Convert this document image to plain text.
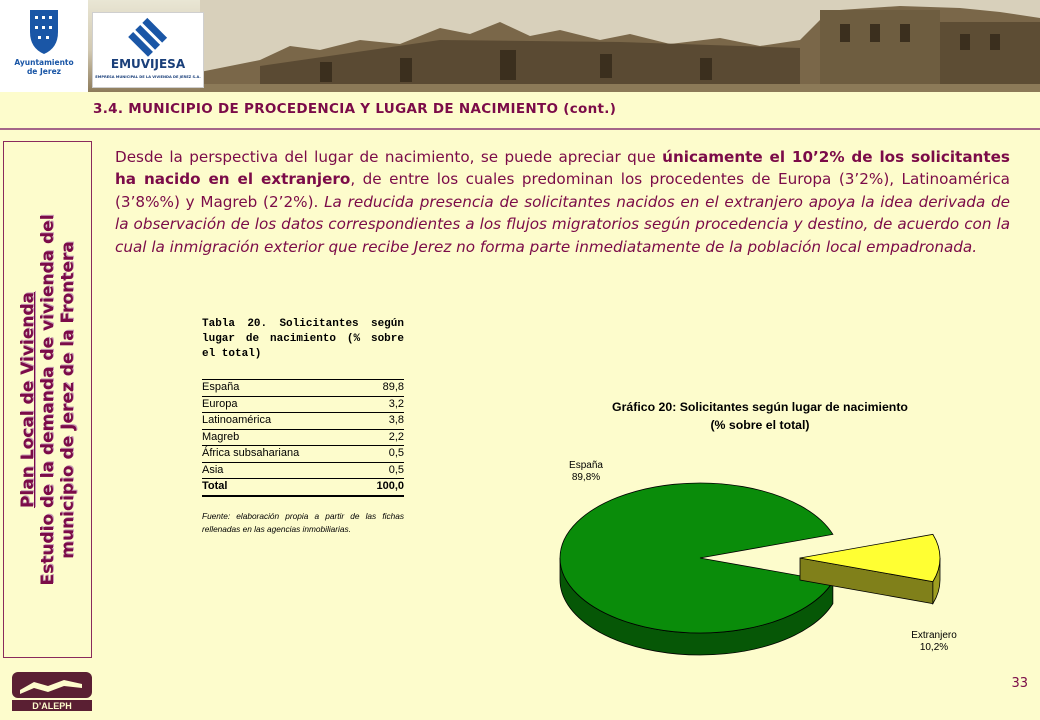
Ayuntamiento
de Jerez
EMUVIJESA
EMPRESA MUNICIPAL DE LA VIVIENDA DE JEREZ S.A.
3.4. MUNICIPIO DE PROCEDENCIA Y LUGAR DE NACIMIENTO (cont.)
Plan Local de Vivienda Estudio de la demanda de vivienda del municipio de Jerez de la Frontera
Desde la perspectiva del lugar de nacimiento, se puede apreciar que únicamente el 10’2% de los solicitantes ha nacido en el extranjero, de entre los cuales predominan los procedentes de Europa (3’2%), Latinoamérica (3’8%%) y Magreb (2’2%). La reducida presencia de solicitantes nacidos en el extranjero apoya la idea derivada de la observación de los datos correspondientes a los flujos migratorios según procedencia y destino, de acuerdo con la cual la inmigración exterior que recibe Jerez no forma parte inmediatamente de la población local empadronada.
Tabla 20. Solicitantes según lugar de nacimiento (% sobre el total)
España	89,8
Europa	3,2
Latinoamérica	3,8
Magreb	2,2
África subsahariana	0,5
Asia	0,5
Total	100,0
Fuente: elaboración propia a partir de las fichas rellenadas en las agencias inmobiliarias.
Gráfico 20: Solicitantes según lugar de nacimiento
(% sobre el total)
España 89,8%
Extranjero 10,2%
D’ALEPH
33
